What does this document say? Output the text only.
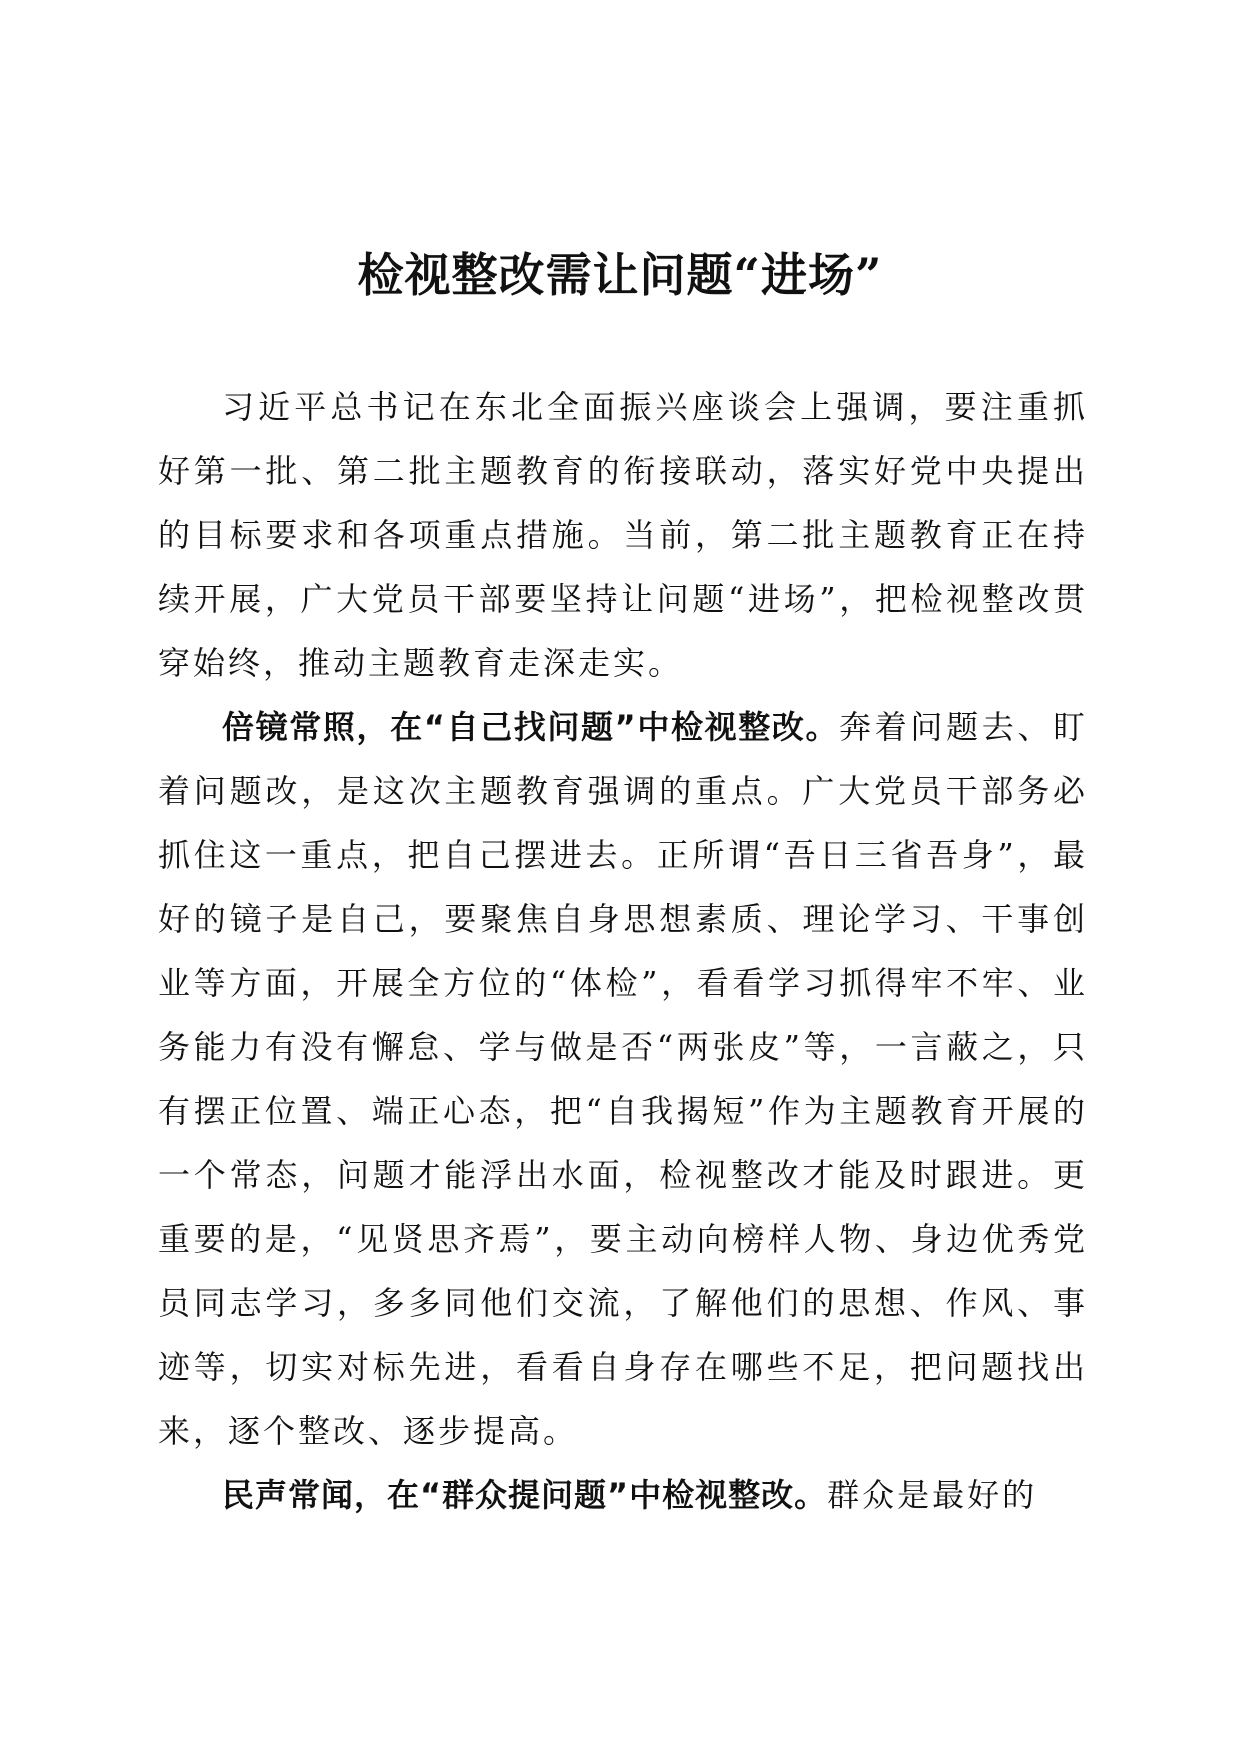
检视整改需让问题“进场”

习近平总书记在东北全面振兴座谈会上强调，要注重抓好第一批、第二批主题教育的衔接联动，落实好党中央提出的目标要求和各项重点措施。当前，第二批主题教育正在持续开展，广大党员干部要坚持让问题“进场”，把检视整改贯穿始终，推动主题教育走深走实。

倍镜常照，在“自己找问题”中检视整改。奔着问题去、盯着问题改，是这次主题教育强调的重点。广大党员干部务必抓住这一重点，把自己摆进去。正所谓“吾日三省吾身”，最好的镜子是自己，要聚焦自身思想素质、理论学习、干事创业等方面，开展全方位的“体检”，看看学习抓得牢不牢、业务能力有没有懈怠、学与做是否“两张皮”等，一言蔽之，只有摆正位置、端正心态，把“自我揭短”作为主题教育开展的一个常态，问题才能浮出水面，检视整改才能及时跟进。更重要的是，“见贤思齐焉”，要主动向榜样人物、身边优秀党员同志学习，多多同他们交流，了解他们的思想、作风、事迹等，切实对标先进，看看自身存在哪些不足，把问题找出来，逐个整改、逐步提高。

民声常闻，在“群众提问题”中检视整改。群众是最好的
